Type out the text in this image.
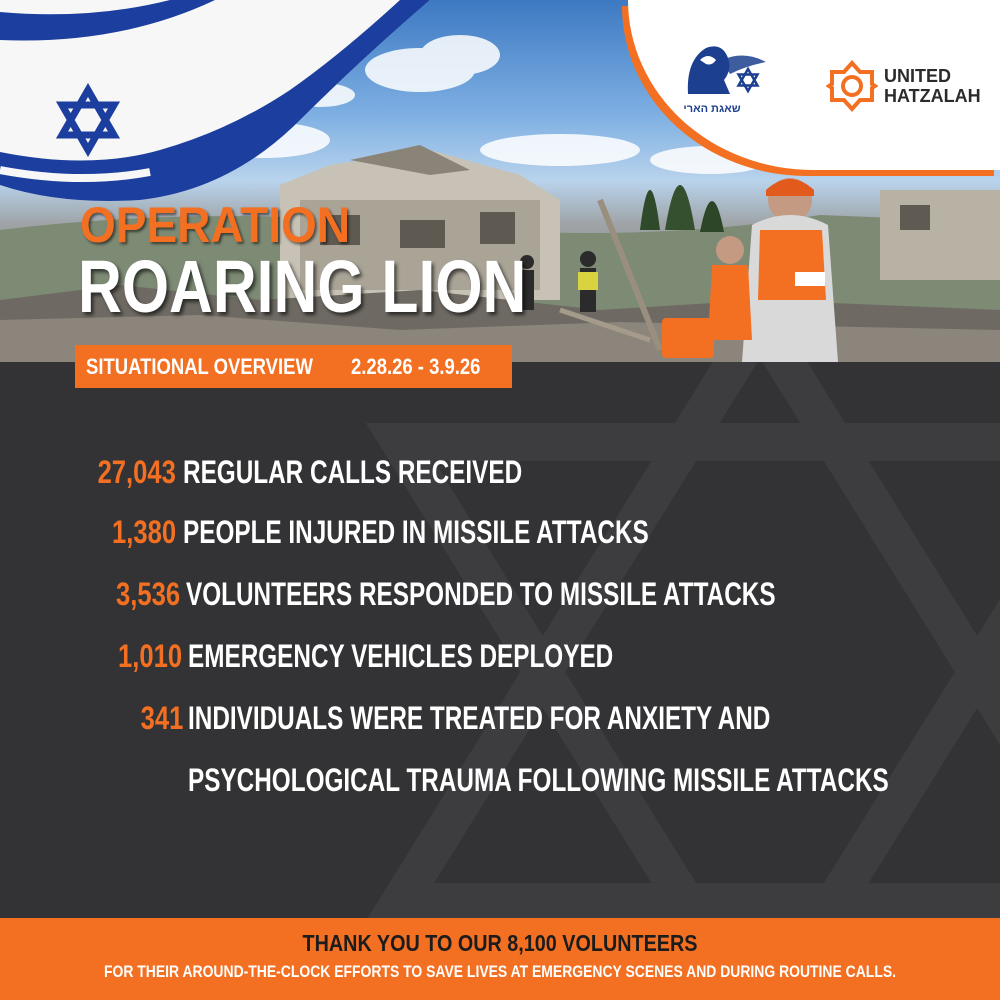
שאגת הארי
UNITED
HATZALAH
OPERATION
ROARING LION
SITUATIONAL OVERVIEW 2.28.26 - 3.9.26
27,043 REGULAR CALLS RECEIVED
1,380 PEOPLE INJURED IN MISSILE ATTACKS
3,536 VOLUNTEERS RESPONDED TO MISSILE ATTACKS
1,010 EMERGENCY VEHICLES DEPLOYED
341 INDIVIDUALS WERE TREATED FOR ANXIETY AND
PSYCHOLOGICAL TRAUMA FOLLOWING MISSILE ATTACKS
THANK YOU TO OUR 8,100 VOLUNTEERS
FOR THEIR AROUND-THE-CLOCK EFFORTS TO SAVE LIVES AT EMERGENCY SCENES AND DURING ROUTINE CALLS.
